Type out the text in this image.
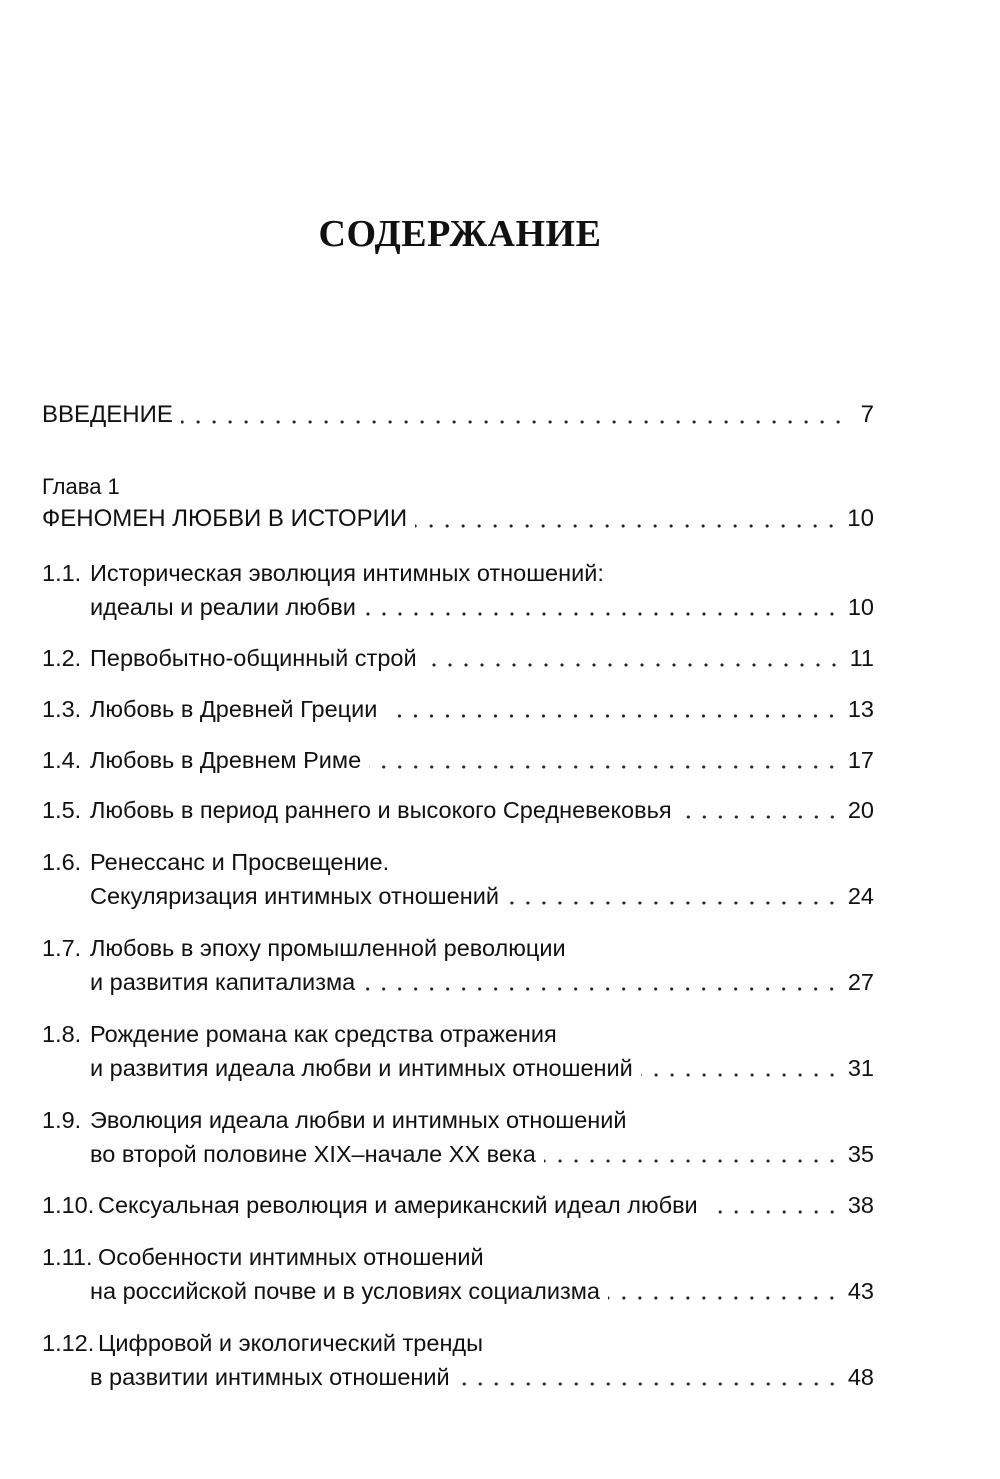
СОДЕРЖАНИЕ
ВВЕДЕНИЕ	7
Глава 1
ФЕНОМЕН ЛЮБВИ В ИСТОРИИ	10
1.1. Историческая эволюция интимных отношений:
идеалы и реалии любви	10
1.2. Первобытно-общинный строй	11
1.3. Любовь в Древней Греции	13
1.4. Любовь в Древнем Риме	17
1.5. Любовь в период раннего и высокого Средневековья	20
1.6. Ренессанс и Просвещение.
Секуляризация интимных отношений	24
1.7. Любовь в эпоху промышленной революции
и развития капитализма	27
1.8. Рождение романа как средства отражения
и развития идеала любви и интимных отношений	31
1.9. Эволюция идеала любви и интимных отношений
во второй половине XIX–начале XX века	35
1.10. Сексуальная революция и американский идеал любви	38
1.11. Особенности интимных отношений
на российской почве и в условиях социализма	43
1.12. Цифровой и экологический тренды
в развитии интимных отношений	48
